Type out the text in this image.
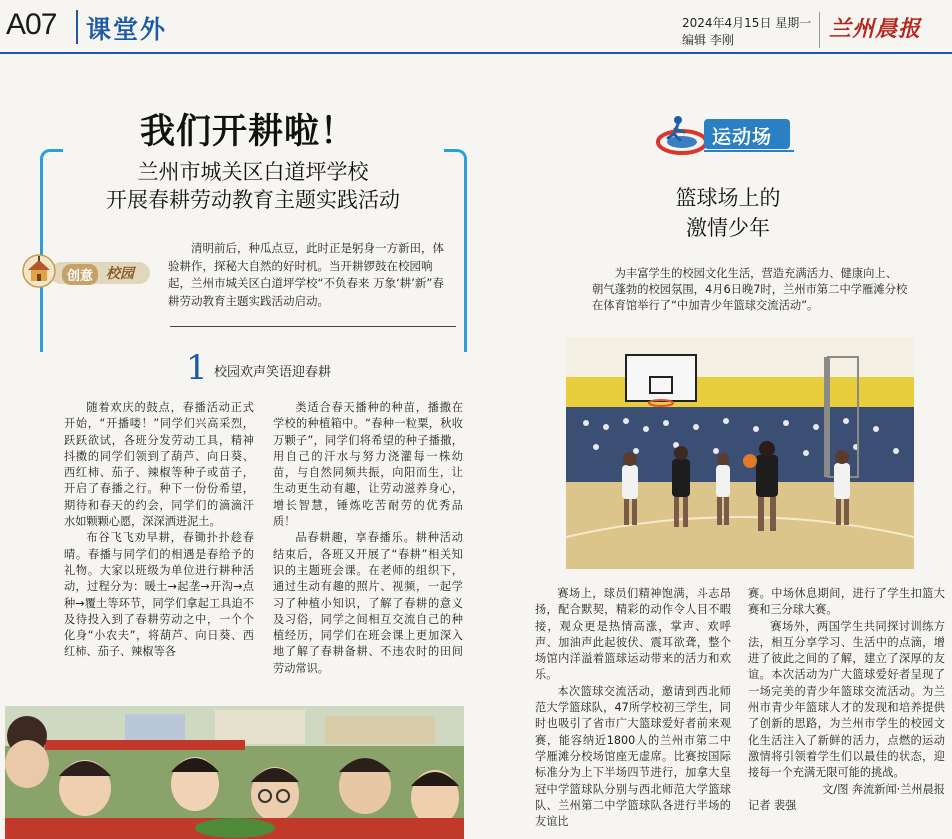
A07 课堂外	2024年4月15日 星期一
编辑 李刚	兰州晨报
我们开耕啦！
兰州市城关区白道坪学校
开展春耕劳动教育主题实践活动
创意 校园
清明前后，种瓜点豆，此时正是躬身一方新田，体验耕作，探秘大自然的好时机。当开耕锣鼓在校园响起，兰州市城关区白道坪学校“不负春来 万象‘耕’新”春耕劳动教育主题实践活动启动。
1 校园欢声笑语迎春耕

随着欢庆的鼓点，春播活动正式开始，“开播喽！”同学们兴高采烈，跃跃欲试，各班分发劳动工具，精神抖擞的同学们领到了葫芦、向日葵、西红柿、茄子、辣椒等种子或苗子，开启了春播之行。种下一份份希望，期待和春天的约会，同学们的滴滴汗水如颗颗心愿，深深洒进泥土。

布谷飞飞劝早耕，春锄扑扑趁春晴。春播与同学们的相遇是春给予的礼物。大家以班级为单位进行耕种活动，过程分为：暖土→起垄→开沟→点种→覆土等环节，同学们拿起工具迫不及待投入到了春耕劳动之中，一个个化身“小农夫”，将葫芦、向日葵、西红柿、茄子、辣椒等各

类适合春天播种的种苗，播撒在学校的种植箱中。“春种一粒粟，秋收万颗子”，同学们将希望的种子播撒，用自己的汗水与努力浇灌每一株幼苗，与自然同频共振，向阳而生，让生动更生动有趣，让劳动滋养身心，增长智慧，锤炼吃苦耐劳的优秀品质！

品春耕趣，享春播乐。耕种活动结束后，各班又开展了“春耕”相关知识的主题班会课。在老师的组织下，通过生动有趣的照片、视频，一起学习了种植小知识，了解了春耕的意义及习俗，同学之间相互交流自己的种植经历，同学们在班会课上更加深入地了解了春耕备耕、不违农时的田间劳动常识。

运动场
篮球场上的
激情少年
为丰富学生的校园文化生活，营造充满活力、健康向上、朝气蓬勃的校园氛围，4月6日晚7时，兰州市第二中学雁滩分校在体育馆举行了“中加青少年篮球交流活动”。

赛场上，球员们精神饱满，斗志昂扬，配合默契，精彩的动作令人目不暇接，观众更是热情高涨，掌声、欢呼声、加油声此起彼伏、震耳欲聋，整个场馆内洋溢着篮球运动带来的活力和欢乐。

本次篮球交流活动，邀请到西北师范大学篮球队，47所学校初三学生，同时也吸引了省市广大篮球爱好者前来观赛，能容纳近1800人的兰州市第二中学雁滩分校场馆座无虚席。比赛按国际标准分为上下半场四节进行，加拿大皇冠中学篮球队分别与西北师范大学篮球队、兰州第二中学篮球队各进行半场的友谊比

赛。中场休息期间，进行了学生扣篮大赛和三分球大赛。

赛场外，两国学生共同探讨训练方法，相互分享学习、生活中的点滴，增进了彼此之间的了解，建立了深厚的友谊。本次活动为广大篮球爱好者呈现了一场完美的青少年篮球交流活动。为兰州市青少年篮球人才的发现和培养提供了创新的思路，为兰州市学生的校园文化生活注入了新鲜的活力，点燃的运动激情将引领着学生们以最佳的状态，迎接每一个充满无限可能的挑战。

文/图 奔流新闻·兰州晨报
记者 裴强
